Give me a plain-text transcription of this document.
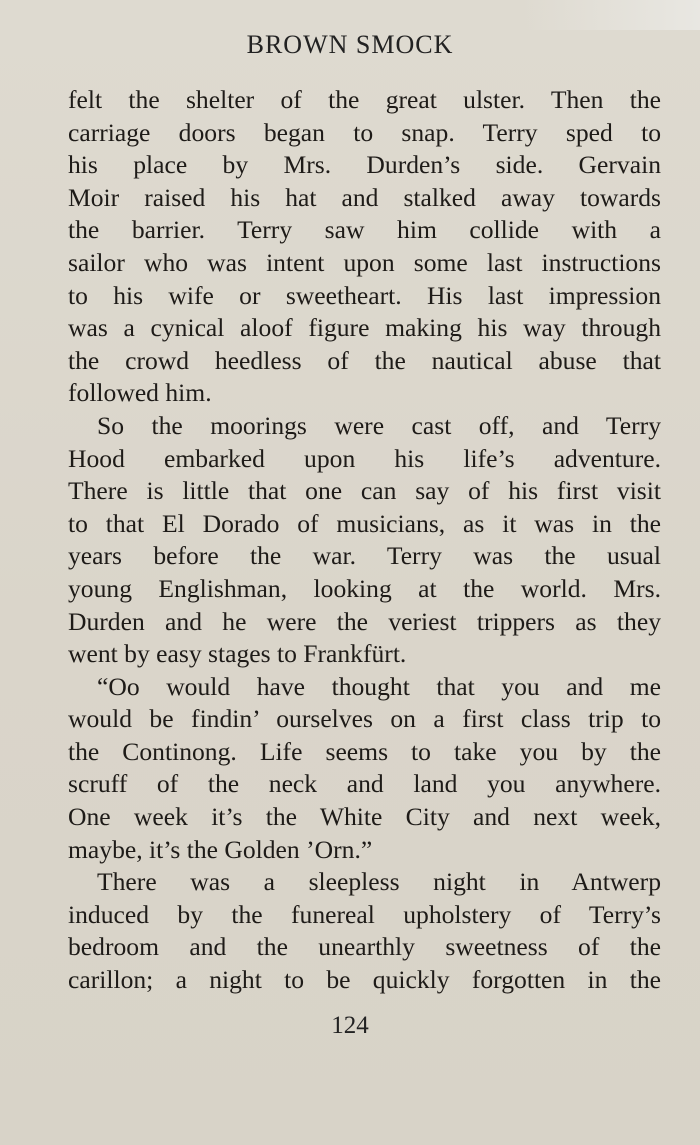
BROWN SMOCK
felt the shelter of the great ulster. Then the
carriage doors began to snap. Terry sped to
his place by Mrs. Durden’s side. Gervain
Moir raised his hat and stalked away towards
the barrier. Terry saw him collide with a
sailor who was intent upon some last instructions
to his wife or sweetheart. His last impression
was a cynical aloof figure making his way through
the crowd heedless of the nautical abuse that
followed him.
So the moorings were cast off, and Terry
Hood embarked upon his life’s adventure.
There is little that one can say of his first visit
to that El Dorado of musicians, as it was in the
years before the war. Terry was the usual
young Englishman, looking at the world. Mrs.
Durden and he were the veriest trippers as they
went by easy stages to Frankfürt.
“Oo would have thought that you and me
would be findin’ ourselves on a first class trip to
the Continong. Life seems to take you by the
scruff of the neck and land you anywhere.
One week it’s the White City and next week,
maybe, it’s the Golden ’Orn.”
There was a sleepless night in Antwerp
induced by the funereal upholstery of Terry’s
bedroom and the unearthly sweetness of the
carillon; a night to be quickly forgotten in the
124
